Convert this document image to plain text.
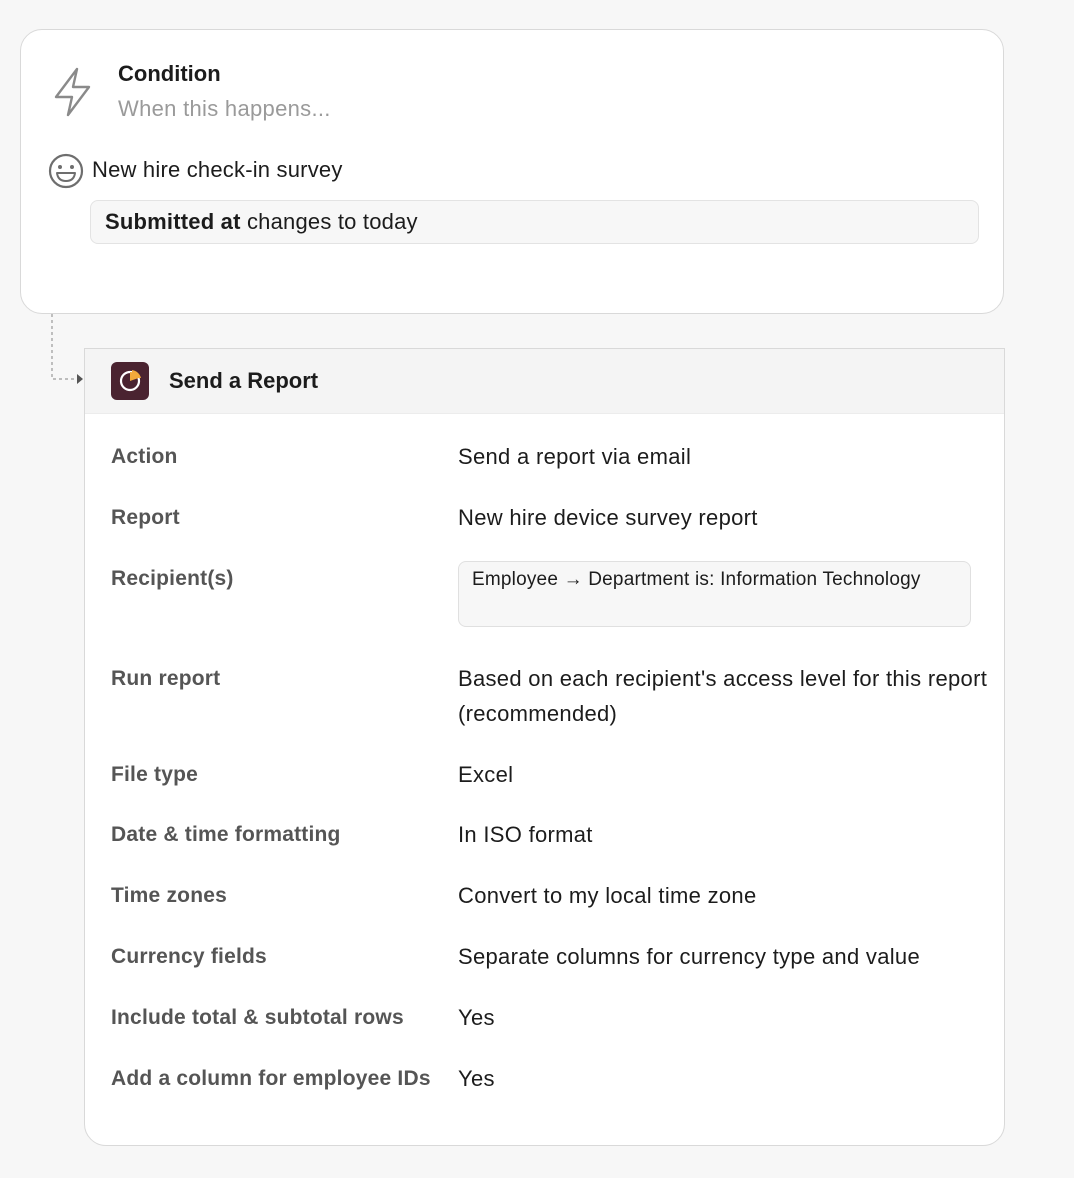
Condition
When this happens...
New hire check-in survey
Submitted at changes to today
Send a Report
Action	Send a report via email
Report	New hire device survey report
Recipient(s)	Employee → Department is: Information Technology
Run report	Based on each recipient's access level for this report (recommended)
File type	Excel
Date & time formatting	In ISO format
Time zones	Convert to my local time zone
Currency fields	Separate columns for currency type and value
Include total & subtotal rows	Yes
Add a column for employee IDs	Yes
